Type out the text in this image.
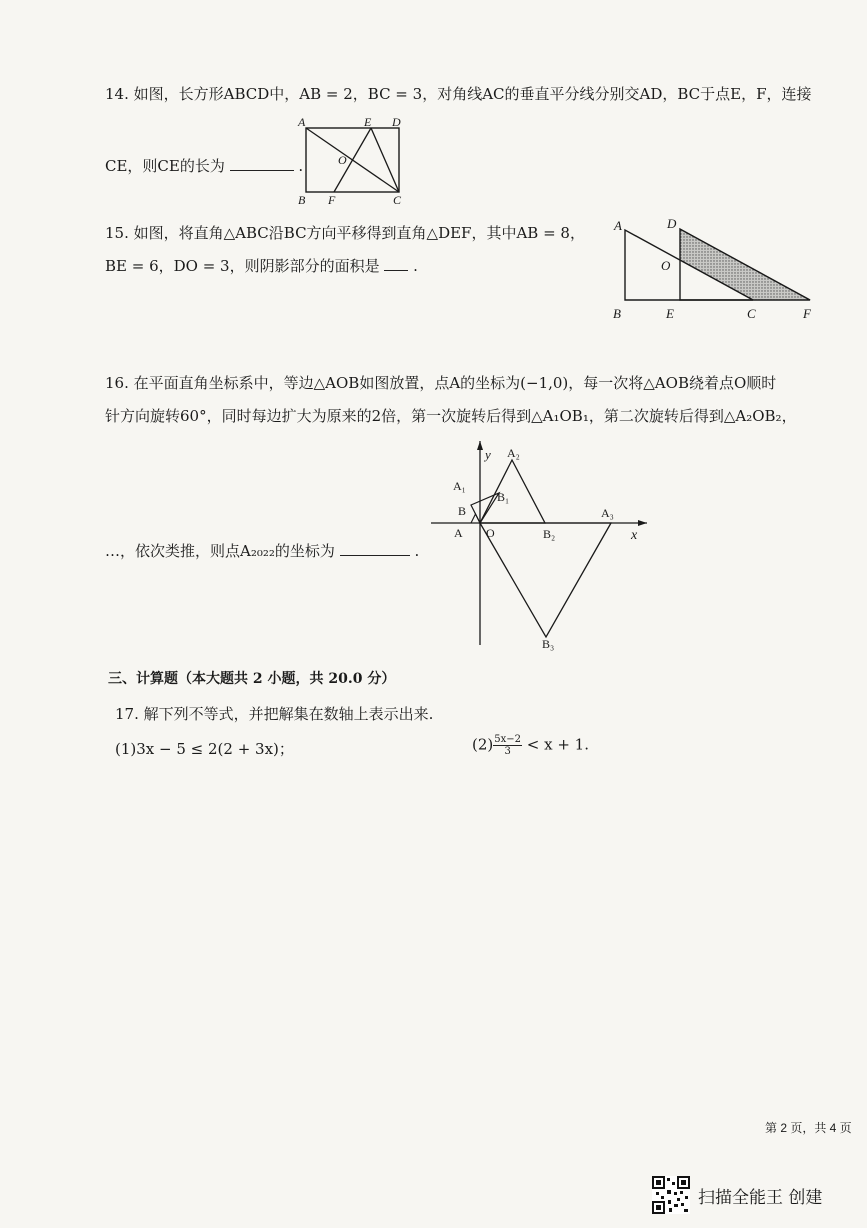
14. 如图，长方形ABCD中，AB = 2，BC = 3，对角线AC的垂直平分线分别交AD，BC于点E，F，连接
CE，则CE的长为	.
A	E D
O
B F	C
15. 如图，将直角△ABC沿BC方向平移得到直角△DEF，其中AB = 8，
BE = 6，DO = 3，则阴影部分的面积是 .
A	D
O
B	E	C	F
16. 在平面直角坐标系中，等边△AOB如图放置，点A的坐标为(−1,0)，每一次将△AOB绕着点O顺时
针方向旋转60°，同时每边扩大为原来的2倍，第一次旋转后得到△A₁OB₁，第二次旋转后得到△A₂OB₂，
…，依次类推，则点A₂₀₂₂的坐标为	.
y
x
A O
B
A₁
B₁
A₂
B₂
A₃
B₃
三、计算题（本大题共 2 小题，共 20.0 分）
17. 解下列不等式，并把解集在数轴上表示出来.
(1)3x − 5 ≤ 2(2 + 3x)；	$(2) \frac{5x-2}{3} < x + 1$.
第 2 页，共 4 页
扫描全能王 创建
